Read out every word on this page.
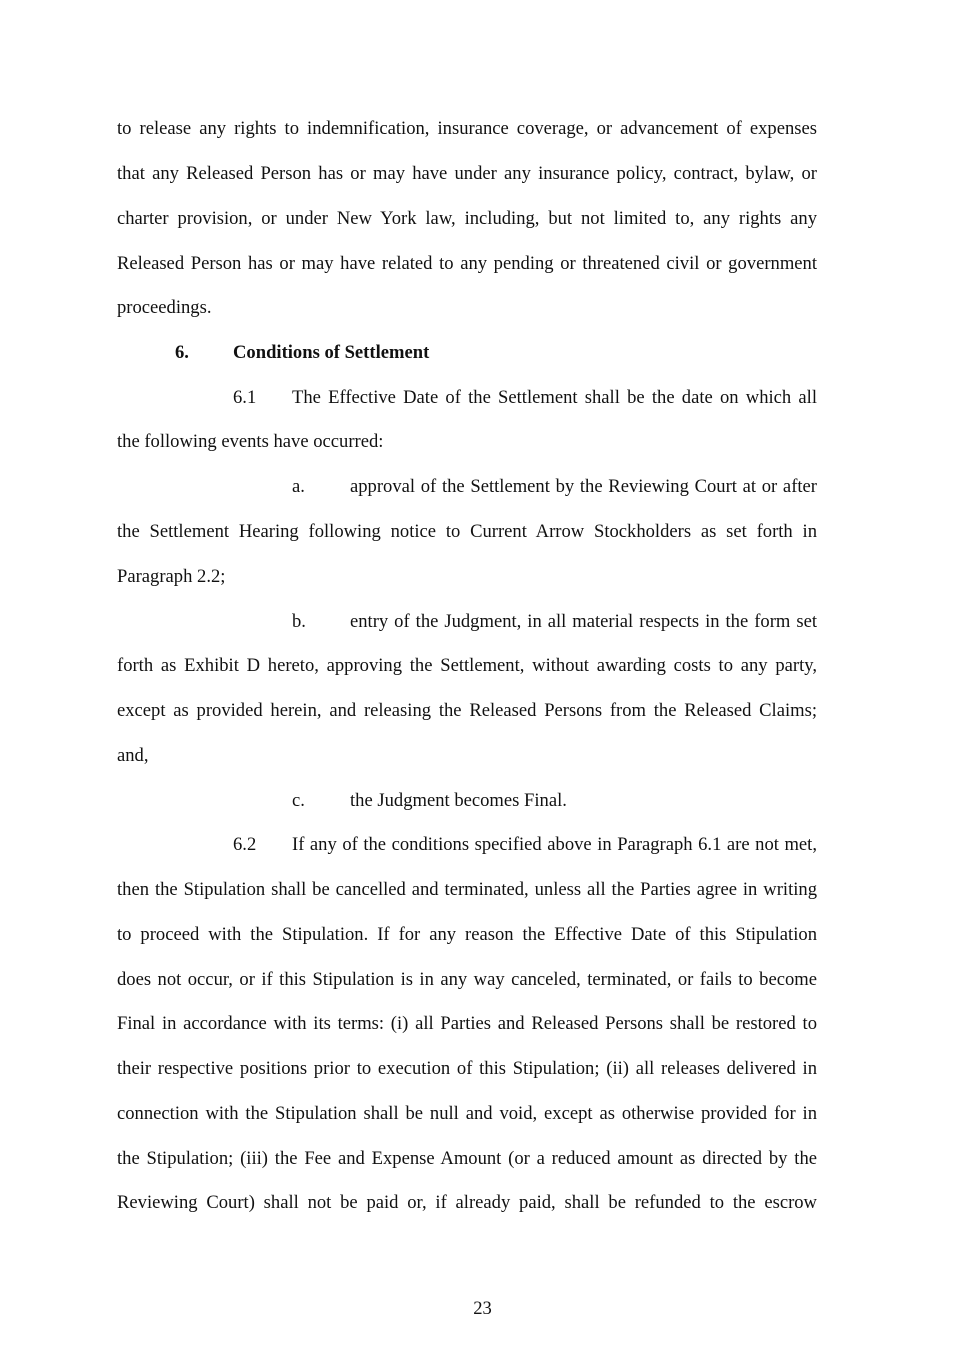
to release any rights to indemnification, insurance coverage, or advancement of expenses

that any Released Person has or may have under any insurance policy, contract, bylaw, or

charter provision, or under New York law, including, but not limited to, any rights any

Released Person has or may have related to any pending or threatened civil or government

proceedings.

6. Conditions of Settlement
6.1 The Effective Date of the Settlement shall be the date on which all

the following events have occurred:

a. approval of the Settlement by the Reviewing Court at or after

the Settlement Hearing following notice to Current Arrow Stockholders as set forth in

Paragraph 2.2;

b. entry of the Judgment, in all material respects in the form set

forth as Exhibit D hereto, approving the Settlement, without awarding costs to any party,

except as provided herein, and releasing the Released Persons from the Released Claims;

and,

c. the Judgment becomes Final.
6.2 If any of the conditions specified above in Paragraph 6.1 are not met,

then the Stipulation shall be cancelled and terminated, unless all the Parties agree in writing

to proceed with the Stipulation. If for any reason the Effective Date of this Stipulation

does not occur, or if this Stipulation is in any way canceled, terminated, or fails to become

Final in accordance with its terms: (i) all Parties and Released Persons shall be restored to

their respective positions prior to execution of this Stipulation; (ii) all releases delivered in

connection with the Stipulation shall be null and void, except as otherwise provided for in

the Stipulation; (iii) the Fee and Expense Amount (or a reduced amount as directed by the

Reviewing Court) shall not be paid or, if already paid, shall be refunded to the escrow

23
